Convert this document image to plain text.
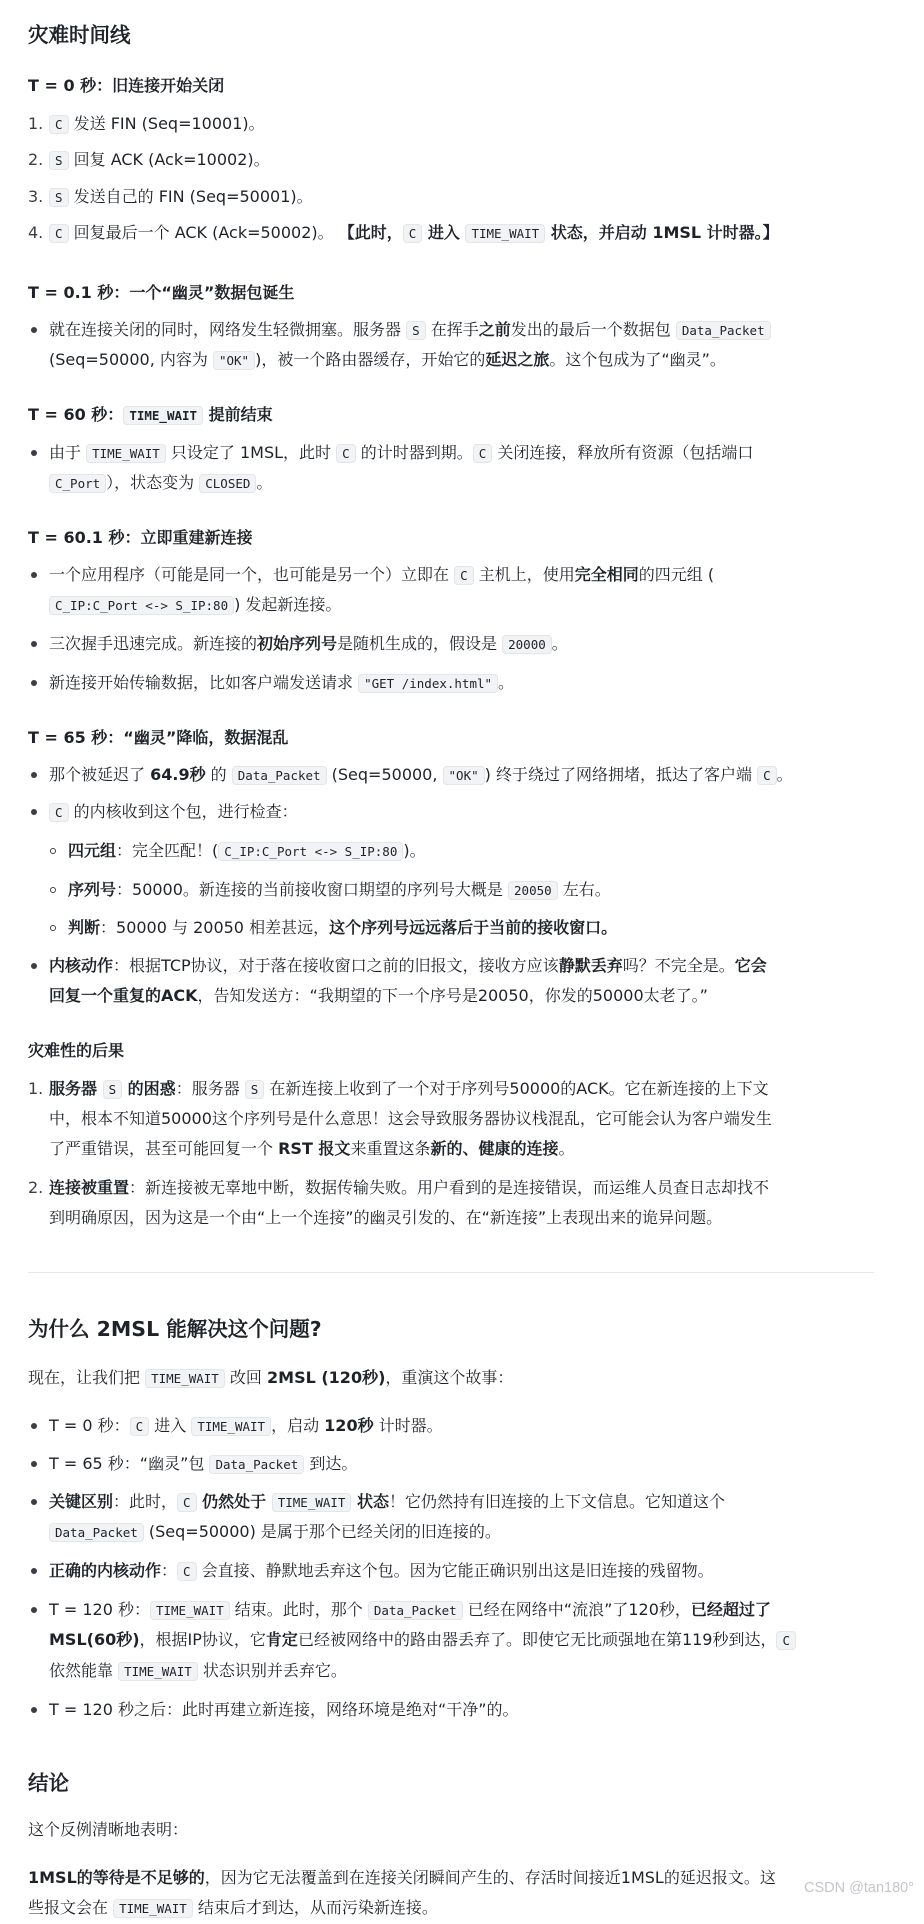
灾难时间线
T = 0 秒：旧连接开始关闭
1. C 发送 FIN (Seq=10001)。
2. S 回复 ACK (Ack=10002)。
3. S 发送自己的 FIN (Seq=50001)。
4. C 回复最后一个 ACK (Ack=50002)。 【此时， C 进入 TIME_WAIT 状态，并启动 1MSL 计时器。】
T = 0.1 秒：一个“幽灵”数据包诞生
就在连接关闭的同时，网络发生轻微拥塞。服务器 S 在挥手之前发出的最后一个数据包 Data_Packet
(Seq=50000, 内容为 "OK" )，被一个路由器缓存，开始它的延迟之旅。这个包成为了“幽灵”。
T = 60 秒： TIME_WAIT 提前结束
由于 TIME_WAIT 只设定了 1MSL，此时 C 的计时器到期。 C 关闭连接，释放所有资源（包括端口
C_Port ），状态变为 CLOSED 。
T = 60.1 秒：立即重建新连接
一个应用程序（可能是同一个，也可能是另一个）立即在 C 主机上，使用完全相同的四元组 (
C_IP:C_Port <-> S_IP:80 ) 发起新连接。
三次握手迅速完成。新连接的初始序列号是随机生成的，假设是 20000 。
新连接开始传输数据，比如客户端发送请求 "GET /index.html" 。
T = 65 秒：“幽灵”降临，数据混乱
那个被延迟了 64.9秒 的 Data_Packet (Seq=50000, "OK" ) 终于绕过了网络拥堵，抵达了客户端 C 。
C 的内核收到这个包，进行检查：
四元组：完全匹配！( C_IP:C_Port <-> S_IP:80 )。
序列号：50000。新连接的当前接收窗口期望的序列号大概是 20050 左右。
判断：50000 与 20050 相差甚远，这个序列号远远落后于当前的接收窗口。
内核动作：根据TCP协议，对于落在接收窗口之前的旧报文，接收方应该静默丢弃吗？不完全是。它会
回复一个重复的ACK，告知发送方：“我期望的下一个序号是20050，你发的50000太老了。”
灾难性的后果
1. 服务器 S 的困惑：服务器 S 在新连接上收到了一个对于序列号50000的ACK。它在新连接的上下文
中，根本不知道50000这个序列号是什么意思！这会导致服务器协议栈混乱，它可能会认为客户端发生
了严重错误，甚至可能回复一个 RST 报文来重置这条新的、健康的连接。
2. 连接被重置：新连接被无辜地中断，数据传输失败。用户看到的是连接错误，而运维人员查日志却找不
到明确原因，因为这是一个由“上一个连接”的幽灵引发的、在“新连接”上表现出来的诡异问题。
为什么 2MSL 能解决这个问题?
现在，让我们把 TIME_WAIT 改回 2MSL (120秒)，重演这个故事：
T = 0 秒： C 进入 TIME_WAIT ，启动 120秒 计时器。
T = 65 秒：“幽灵”包 Data_Packet 到达。
关键区别：此时， C 仍然处于 TIME_WAIT 状态！它仍然持有旧连接的上下文信息。它知道这个
Data_Packet (Seq=50000) 是属于那个已经关闭的旧连接的。
正确的内核动作： C 会直接、静默地丢弃这个包。因为它能正确识别出这是旧连接的残留物。
T = 120 秒： TIME_WAIT 结束。此时，那个 Data_Packet 已经在网络中“流浪”了120秒，已经超过了
MSL(60秒)，根据IP协议，它肯定已经被网络中的路由器丢弃了。即使它无比顽强地在第119秒到达， C
依然能靠 TIME_WAIT 状态识别并丢弃它。
T = 120 秒之后：此时再建立新连接，网络环境是绝对“干净”的。
结论
这个反例清晰地表明：
1MSL的等待是不足够的，因为它无法覆盖到在连接关闭瞬间产生的、存活时间接近1MSL的延迟报文。这
些报文会在 TIME_WAIT 结束后才到达，从而污染新连接。
CSDN @tan180°
